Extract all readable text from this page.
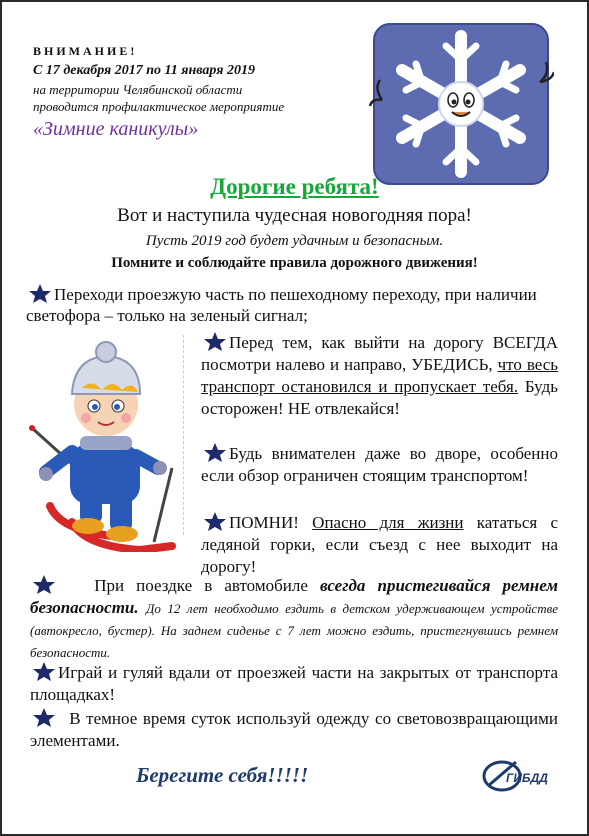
ВНИМАНИЕ!
С 17 декабря 2017 по 11 января 2019
на территории Челябинской области
проводится профилактическое мероприятие
«Зимние каникулы»
Дорогие ребята!
Вот и наступила чудесная новогодняя пора!
Пусть 2019 год будет удачным и безопасным.
Помните и соблюдайте правила дорожного движения!
Переходи проезжую часть по пешеходному переходу, при наличии светофора – только на зеленый сигнал;
Перед тем, как выйти на дорогу ВСЕГДА посмотри налево и направо, УБЕДИСЬ, что весь транспорт остановился и пропускает тебя. Будь осторожен! НЕ отвлекайся!
Будь внимателен даже во дворе, особенно если обзор ограничен стоящим транспортом!
ПОМНИ! Опасно для жизни кататься с ледяной горки, если съезд с нее выходит на дорогу!
При поездке в автомобиле всегда пристегивайся ремнем безопасности. До 12 лет необходимо ездить в детском удерживающем устройстве (автокресло, бустер). На заднем сиденье с 7 лет можно ездить, пристегнувшись ремнем безопасности.
Играй и гуляй вдали от проезжей части на закрытых от транспорта площадках!
В темное время суток используй одежду со световозвращающими элементами.
Берегите себя!!!!!	ГИБДД
